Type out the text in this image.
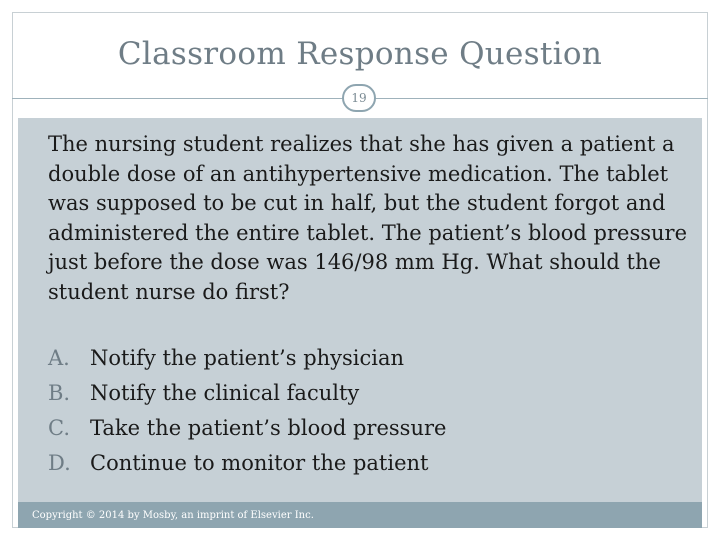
Classroom Response Question
19
The nursing student realizes that she has given a patient a double dose of an antihypertensive medication. The tablet was supposed to be cut in half, but the student forgot and administered the entire tablet. The patient’s blood pressure just before the dose was 146/98 mm Hg. What should the student nurse do first?
A. Notify the patient’s physician
B. Notify the clinical faculty
C. Take the patient’s blood pressure
D. Continue to monitor the patient
Copyright © 2014 by Mosby, an imprint of Elsevier Inc.
